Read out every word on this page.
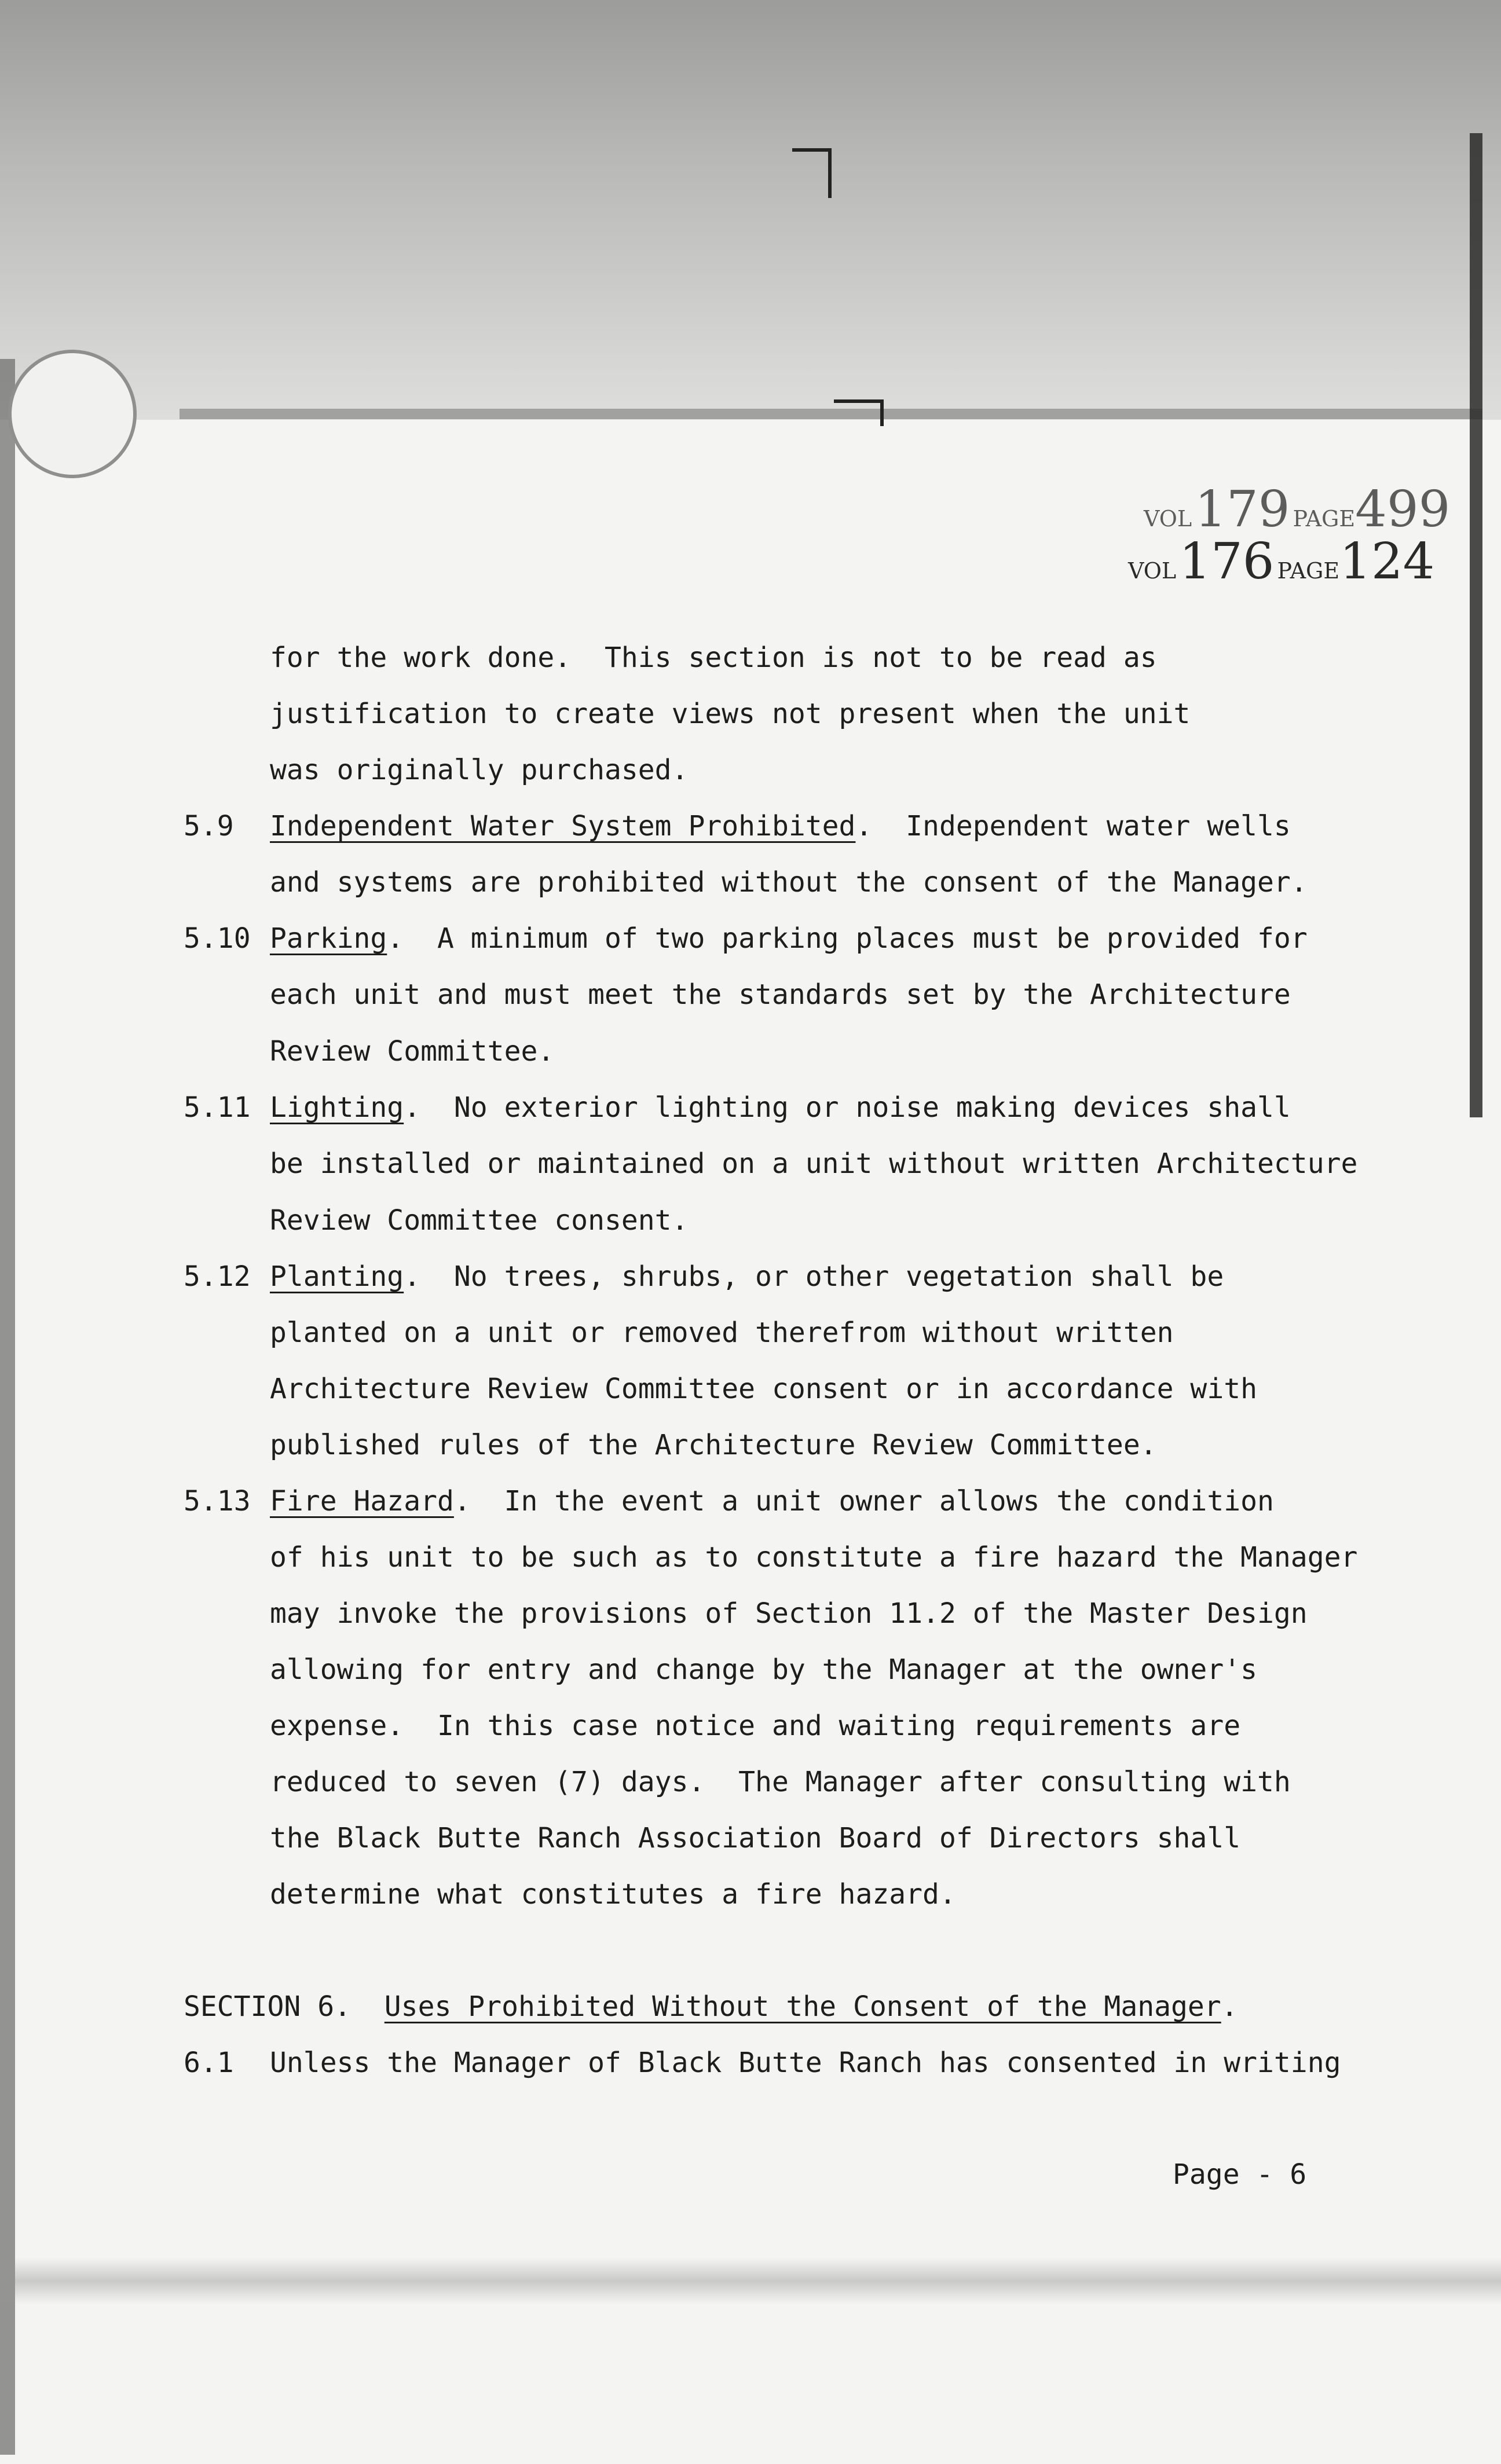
VOL 179 PAGE499
VOL 176 PAGE124
for the work done.  This section is not to be read as
justification to create views not present when the unit
was originally purchased.
5.9 Independent Water System Prohibited.  Independent water wells
and systems are prohibited without the consent of the Manager.
5.10 Parking.  A minimum of two parking places must be provided for
each unit and must meet the standards set by the Architecture
Review Committee.
5.11 Lighting.  No exterior lighting or noise making devices shall
be installed or maintained on a unit without written Architecture
Review Committee consent.
5.12 Planting.  No trees, shrubs, or other vegetation shall be
planted on a unit or removed therefrom without written
Architecture Review Committee consent or in accordance with
published rules of the Architecture Review Committee.
5.13 Fire Hazard.  In the event a unit owner allows the condition
of his unit to be such as to constitute a fire hazard the Manager
may invoke the provisions of Section 11.2 of the Master Design
allowing for entry and change by the Manager at the owner's
expense.  In this case notice and waiting requirements are
reduced to seven (7) days.  The Manager after consulting with
the Black Butte Ranch Association Board of Directors shall
determine what constitutes a fire hazard.
SECTION 6. Uses Prohibited Without the Consent of the Manager.
6.1 Unless the Manager of Black Butte Ranch has consented in writing
Page - 6
